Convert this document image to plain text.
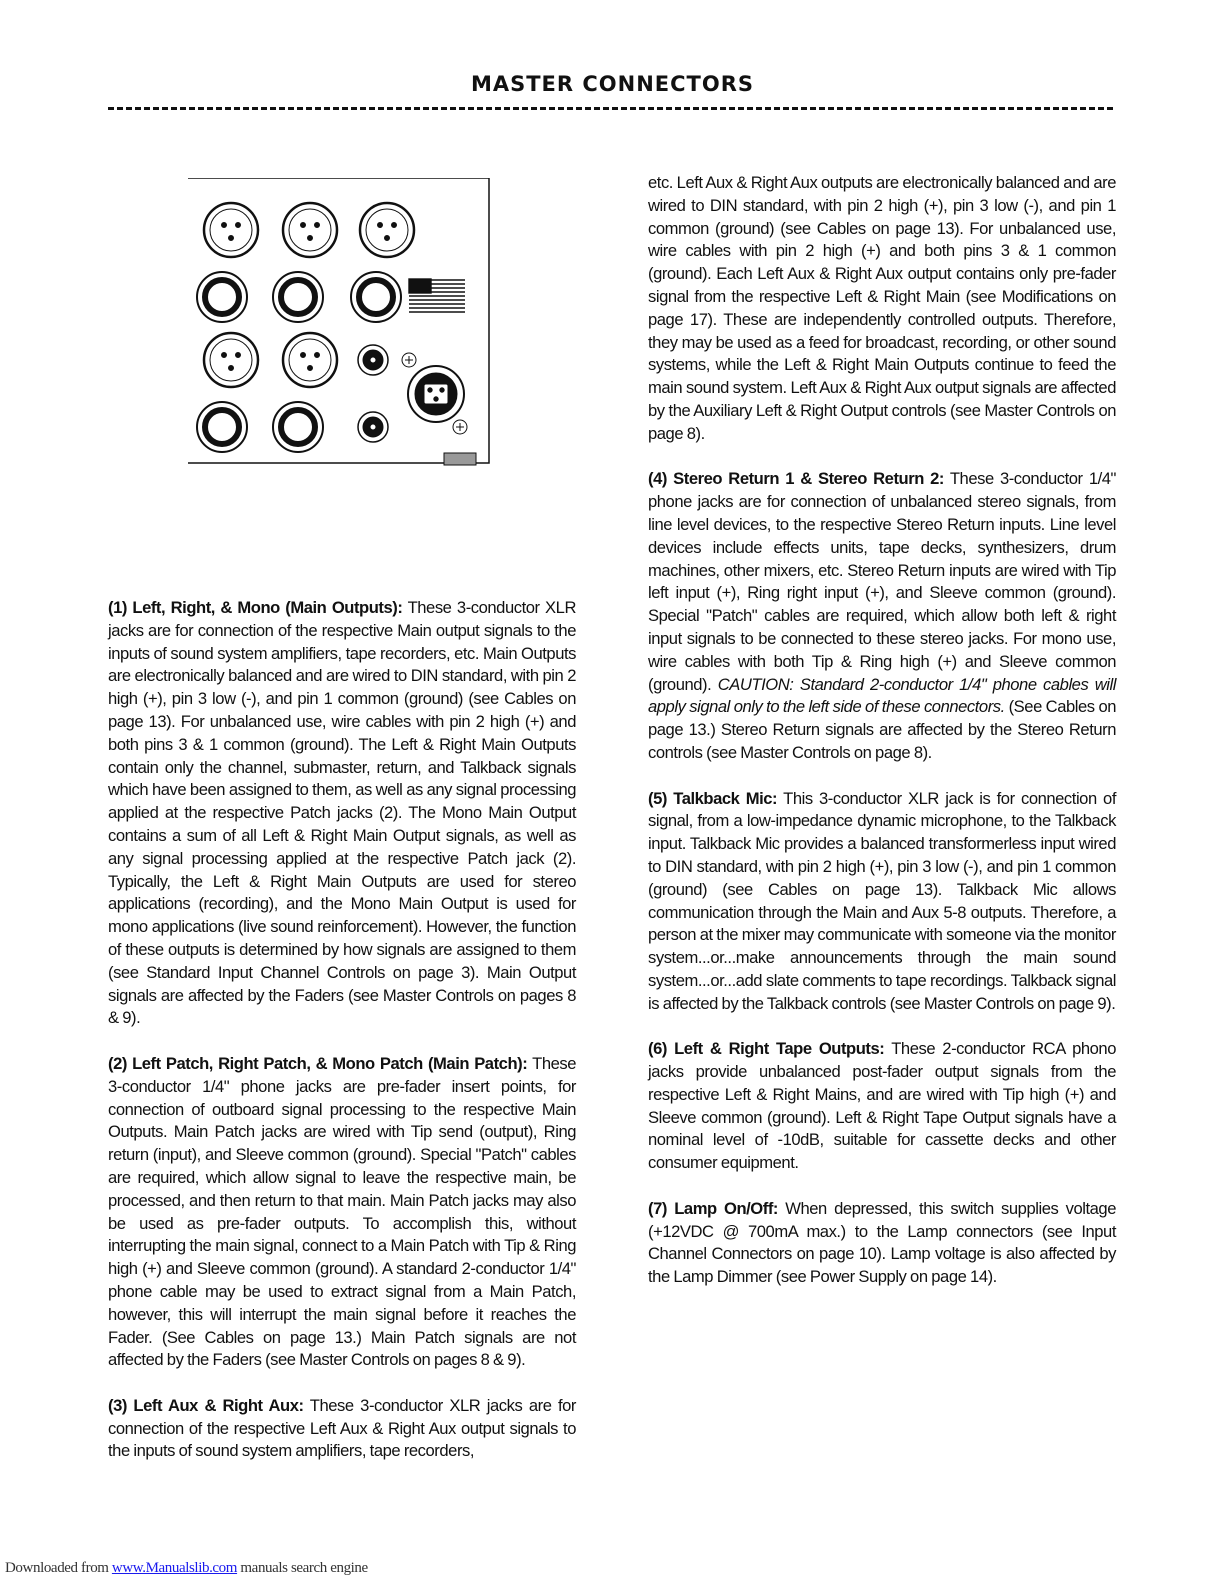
MASTER CONNECTORS

(1) Left, Right, & Mono (Main Outputs): These 3-conductor XLR jacks are for connection of the respective Main output signals to the inputs of sound system amplifiers, tape recorders, etc. Main Outputs are electronically balanced and are wired to DIN standard, with pin 2 high (+), pin 3 low (-), and pin 1 common (ground) (see Cables on page 13). For unbalanced use, wire cables with pin 2 high (+) and both pins 3 & 1 common (ground). The Left & Right Main Outputs contain only the channel, submaster, return, and Talkback signals which have been assigned to them, as well as any signal processing applied at the respective Patch jacks (2). The Mono Main Output contains a sum of all Left & Right Main Output signals, as well as any signal processing applied at the respective Patch jack (2). Typically, the Left & Right Main Outputs are used for stereo applications (recording), and the Mono Main Output is used for mono applications (live sound reinforcement). However, the function of these outputs is determined by how signals are assigned to them (see Standard Input Channel Controls on page 3). Main Output signals are affected by the Faders (see Master Controls on pages 8 & 9).

(2) Left Patch, Right Patch, & Mono Patch (Main Patch): These 3-conductor 1/4" phone jacks are pre-fader insert points, for connection of outboard signal processing to the respective Main Outputs. Main Patch jacks are wired with Tip send (output), Ring return (input), and Sleeve common (ground). Special "Patch" cables are required, which allow signal to leave the respective main, be processed, and then return to that main. Main Patch jacks may also be used as pre-fader outputs. To accomplish this, without interrupting the main signal, connect to a Main Patch with Tip & Ring high (+) and Sleeve common (ground). A standard 2-conductor 1/4" phone cable may be used to extract signal from a Main Patch, however, this will interrupt the main signal before it reaches the Fader. (See Cables on page 13.) Main Patch signals are not affected by the Faders (see Master Controls on pages 8 & 9).

(3) Left Aux & Right Aux: These 3-conductor XLR jacks are for connection of the respective Left Aux & Right Aux output signals to the inputs of sound system amplifiers, tape recorders,

etc. Left Aux & Right Aux outputs are electronically balanced and are wired to DIN standard, with pin 2 high (+), pin 3 low (-), and pin 1 common (ground) (see Cables on page 13). For unbalanced use, wire cables with pin 2 high (+) and both pins 3 & 1 common (ground). Each Left Aux & Right Aux output contains only pre-fader signal from the respective Left & Right Main (see Modifications on page 17). These are independently controlled outputs. Therefore, they may be used as a feed for broadcast, recording, or other sound systems, while the Left & Right Main Outputs continue to feed the main sound system. Left Aux & Right Aux output signals are affected by the Auxiliary Left & Right Output controls (see Master Controls on page 8).

(4) Stereo Return 1 & Stereo Return 2: These 3-conductor 1/4" phone jacks are for connection of unbalanced stereo signals, from line level devices, to the respective Stereo Return inputs. Line level devices include effects units, tape decks, synthesizers, drum machines, other mixers, etc. Stereo Return inputs are wired with Tip left input (+), Ring right input (+), and Sleeve common (ground). Special "Patch" cables are required, which allow both left & right input signals to be connected to these stereo jacks. For mono use, wire cables with both Tip & Ring high (+) and Sleeve common (ground). CAUTION: Standard 2-conductor 1/4" phone cables will apply signal only to the left side of these connectors. (See Cables on page 13.) Stereo Return signals are affected by the Stereo Return controls (see Master Controls on page 8).

(5) Talkback Mic: This 3-conductor XLR jack is for connection of signal, from a low-impedance dynamic microphone, to the Talkback input. Talkback Mic provides a balanced transformerless input wired to DIN standard, with pin 2 high (+), pin 3 low (-), and pin 1 common (ground) (see Cables on page 13). Talkback Mic allows communication through the Main and Aux 5-8 outputs. Therefore, a person at the mixer may communicate with someone via the monitor system...or...make announcements through the main sound system...or...add slate comments to tape recordings. Talkback signal is affected by the Talkback controls (see Master Controls on page 9).

(6) Left & Right Tape Outputs: These 2-conductor RCA phono jacks provide unbalanced post-fader output signals from the respective Left & Right Mains, and are wired with Tip high (+) and Sleeve common (ground). Left & Right Tape Output signals have a nominal level of -10dB, suitable for cassette decks and other consumer equipment.

(7) Lamp On/Off: When depressed, this switch supplies voltage (+12VDC @ 700mA max.) to the Lamp connectors (see Input Channel Connectors on page 10). Lamp voltage is also affected by the Lamp Dimmer (see Power Supply on page 14).

Downloaded from www.Manualslib.com manuals search engine
